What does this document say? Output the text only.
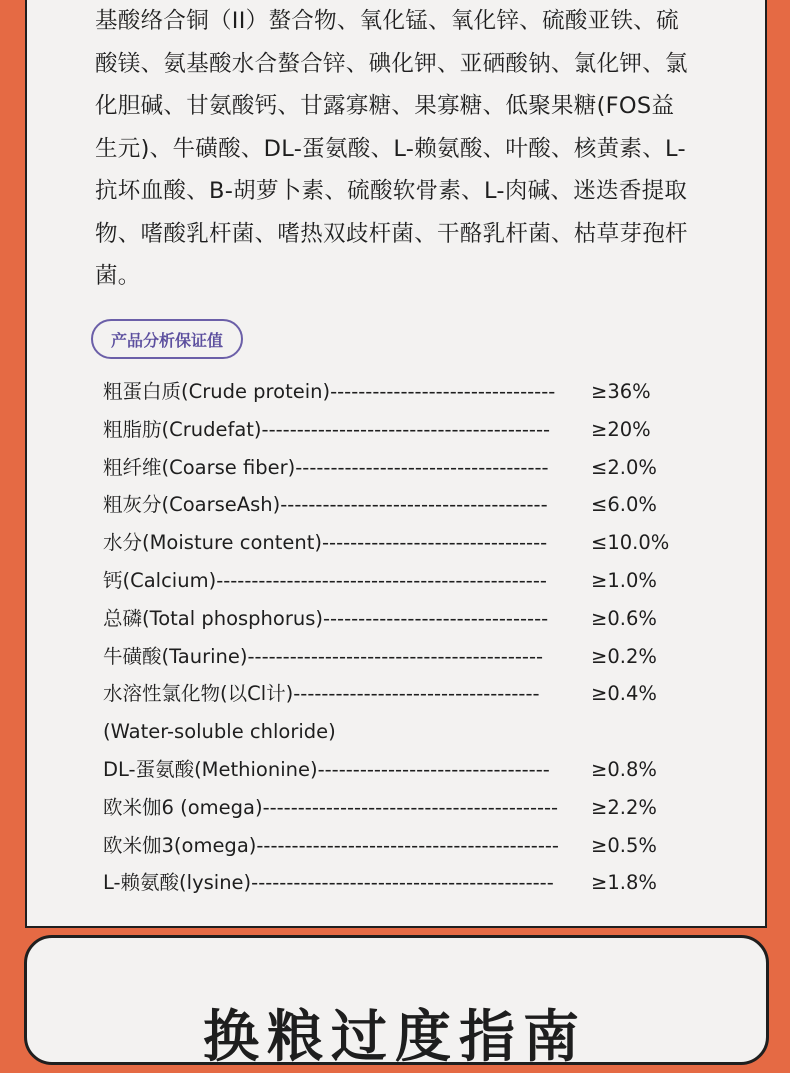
基酸络合铜（II）螯合物、氧化锰、氧化锌、硫酸亚铁、硫
酸镁、氨基酸水合螯合锌、碘化钾、亚硒酸钠、氯化钾、氯
化胆碱、甘氨酸钙、甘露寡糖、果寡糖、低聚果糖(FOS益
生元)、牛磺酸、DL-蛋氨酸、L-赖氨酸、叶酸、核黄素、L-
抗坏血酸、B-胡萝卜素、硫酸软骨素、L-肉碱、迷迭香提取
物、嗜酸乳杆菌、嗜热双歧杆菌、干酪乳杆菌、枯草芽孢杆
菌。

产品分析保证值
粗蛋白质(Crude protein)-------------------------------- ≥36%
粗脂肪(Crudefat)----------------------------------------- ≥20%
粗纤维(Coarse fiber)------------------------------------ ≤2.0%
粗灰分(CoarseAsh)-------------------------------------- ≤6.0%
水分(Moisture content)-------------------------------- ≤10.0%
钙(Calcium)----------------------------------------------- ≥1.0%
总磷(Total phosphorus)-------------------------------- ≥0.6%
牛磺酸(Taurine)------------------------------------------ ≥0.2%
水溶性氯化物(以Cl计)-----------------------------------	≥0.4%
(Water-soluble chloride)
DL-蛋氨酸(Methionine)--------------------------------- ≥0.8%
欧米伽6 (omega)------------------------------------------ ≥2.2%
欧米伽3(omega)------------------------------------------- ≥0.5%
L-赖氨酸(lysine)------------------------------------------- ≥1.8%
换粮过度指南
